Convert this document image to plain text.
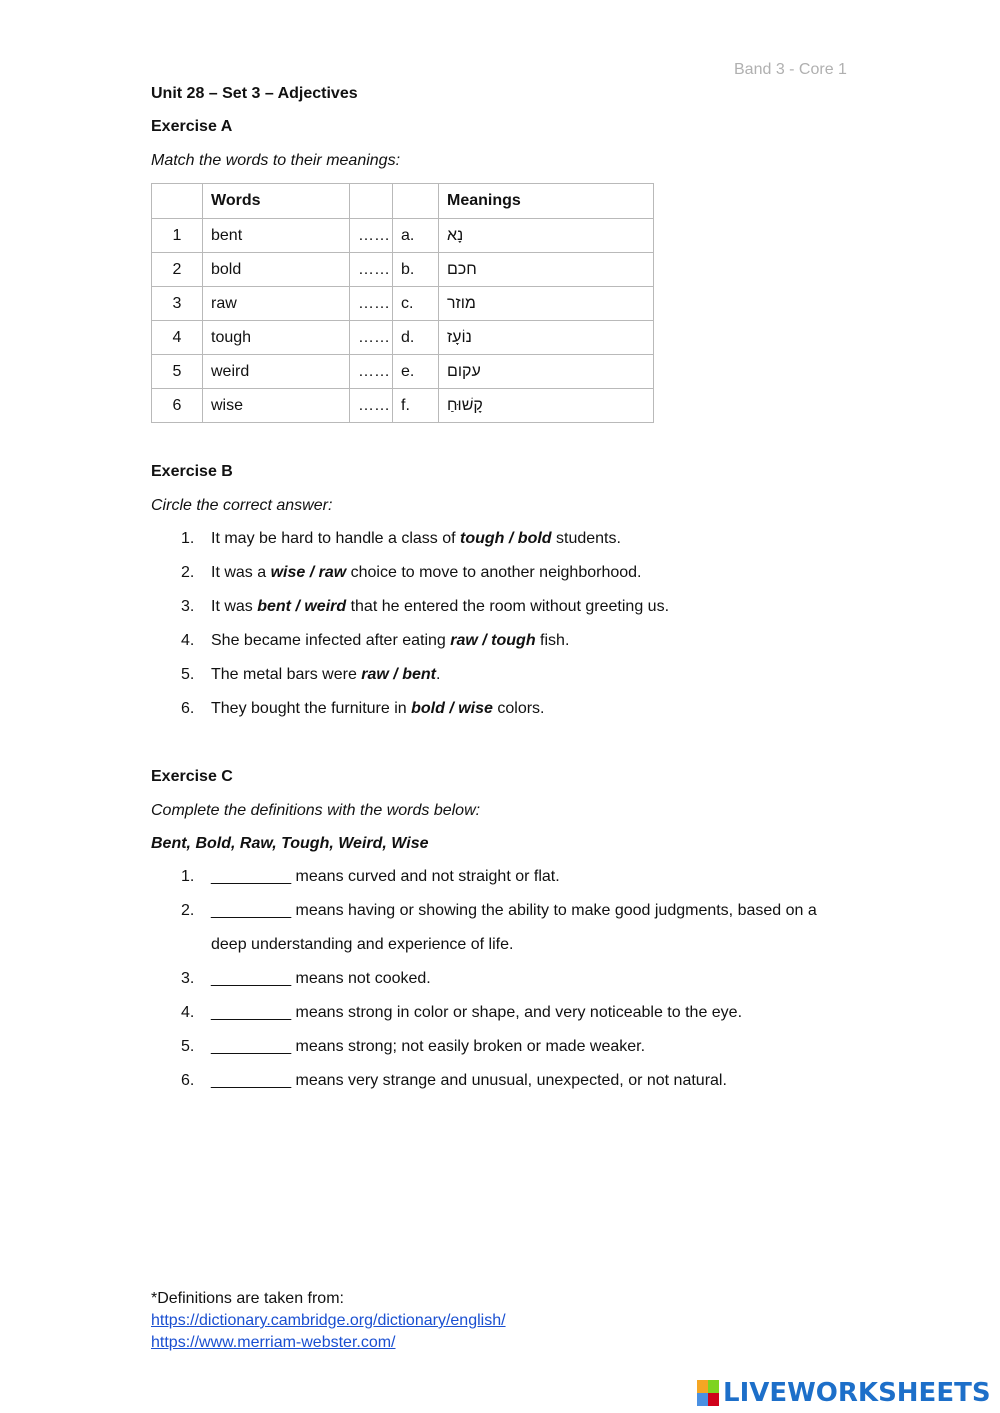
Band 3 - Core 1
Unit 28 – Set 3 – Adjectives
Exercise A
Match the words to their meanings:
	Words			Meanings
1	bent	……	a.	נָא
2	bold	……	b.	חכם
3	raw	……	c.	מוזר
4	tough	……	d.	נוֹעָז
5	weird	……	e.	עקום
6	wise	……	f.	קָשׁוּחַ
Exercise B
Circle the correct answer:
1. It may be hard to handle a class of tough / bold students.
2. It was a wise / raw choice to move to another neighborhood.
3. It was bent / weird that he entered the room without greeting us.
4. She became infected after eating raw / tough fish.
5. The metal bars were raw / bent.
6. They bought the furniture in bold / wise colors.
Exercise C
Complete the definitions with the words below:
Bent, Bold, Raw, Tough, Weird, Wise
1. _________ means curved and not straight or flat.
2. _________ means having or showing the ability to make good judgments, based on a deep understanding and experience of life.
3. _________ means not cooked.
4. _________ means strong in color or shape, and very noticeable to the eye.
5. _________ means strong; not easily broken or made weaker.
6. _________ means very strange and unusual, unexpected, or not natural.
*Definitions are taken from:
https://dictionary.cambridge.org/dictionary/english/
https://www.merriam-webster.com/
LIVEWORKSHEETS
